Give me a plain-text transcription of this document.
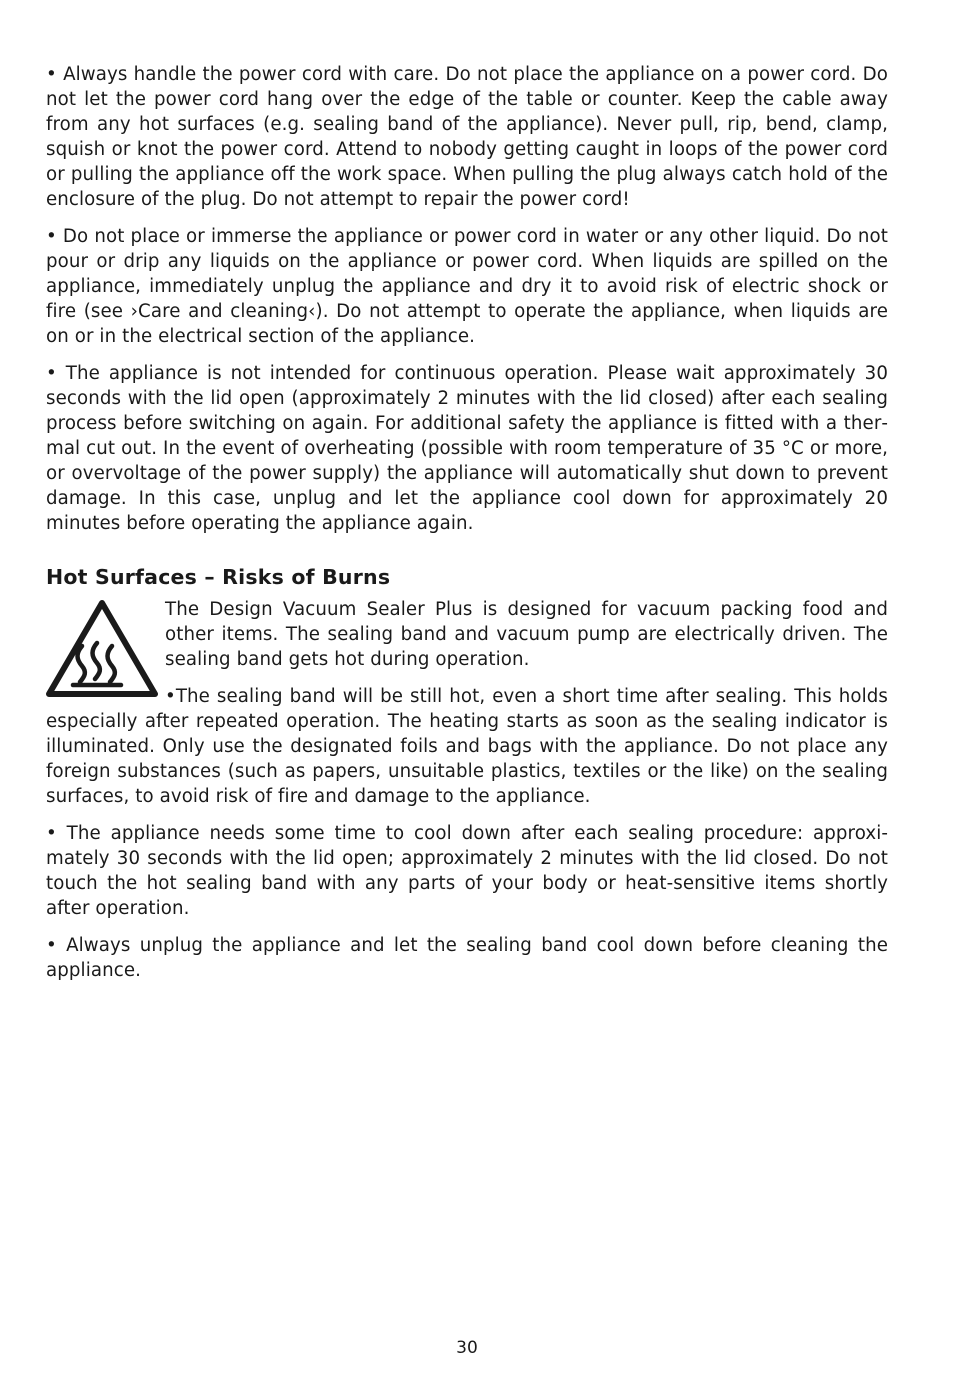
• Always handle the power cord with care. Do not place the appliance on a power cord. Do not let the power cord hang over the edge of the table or counter. Keep the cable away from any hot surfaces (e.g. sealing band of the appliance). Never pull, rip, bend, clamp, squish or knot the power cord. Attend to nobody getting caught in loops of the power cord or pulling the appliance off the work space. When pulling the plug always catch hold of the enclosure of the plug. Do not attempt to repair the power cord!

• Do not place or immerse the appliance or power cord in water or any other liquid. Do not pour or drip any liquids on the appliance or power cord. When liquids are spilled on the appliance, immediately unplug the appliance and dry it to avoid risk of electric shock or fire (see ›Care and cleaning‹). Do not attempt to operate the appliance, when liquids are on or in the electrical section of the appliance.

• The appliance is not intended for continuous operation. Please wait approximately 30 seconds with the lid open (approximately 2 minutes with the lid closed) after each sealing process before switching on again. For additional safety the appliance is fitted with a thermal cut out. In the event of overheating (possible with room temperature of 35 °C or more, or overvoltage of the power supply) the appliance will automatically shut down to prevent damage. In this case, unplug and let the appliance cool down for approximately 20 minutes before operating the appliance again.

Hot Surfaces – Risks of Burns

The Design Vacuum Sealer Plus is designed for vacuum packing food and other items. The sealing band and vacuum pump are electrically driven. The sealing band gets hot during operation.

•The sealing band will be still hot, even a short time after sealing. This holds especially after repeated operation. The heating starts as soon as the sealing indicator is illuminated. Only use the designated foils and bags with the appliance. Do not place any foreign substances (such as papers, unsuitable plastics, textiles or the like) on the sealing surfaces, to avoid risk of fire and damage to the appliance.

• The appliance needs some time to cool down after each sealing procedure: approximately 30 seconds with the lid open; approximately 2 minutes with the lid closed. Do not touch the hot sealing band with any parts of your body or heat-sensitive items shortly after operation.

• Always unplug the appliance and let the sealing band cool down before cleaning the appliance.

30
